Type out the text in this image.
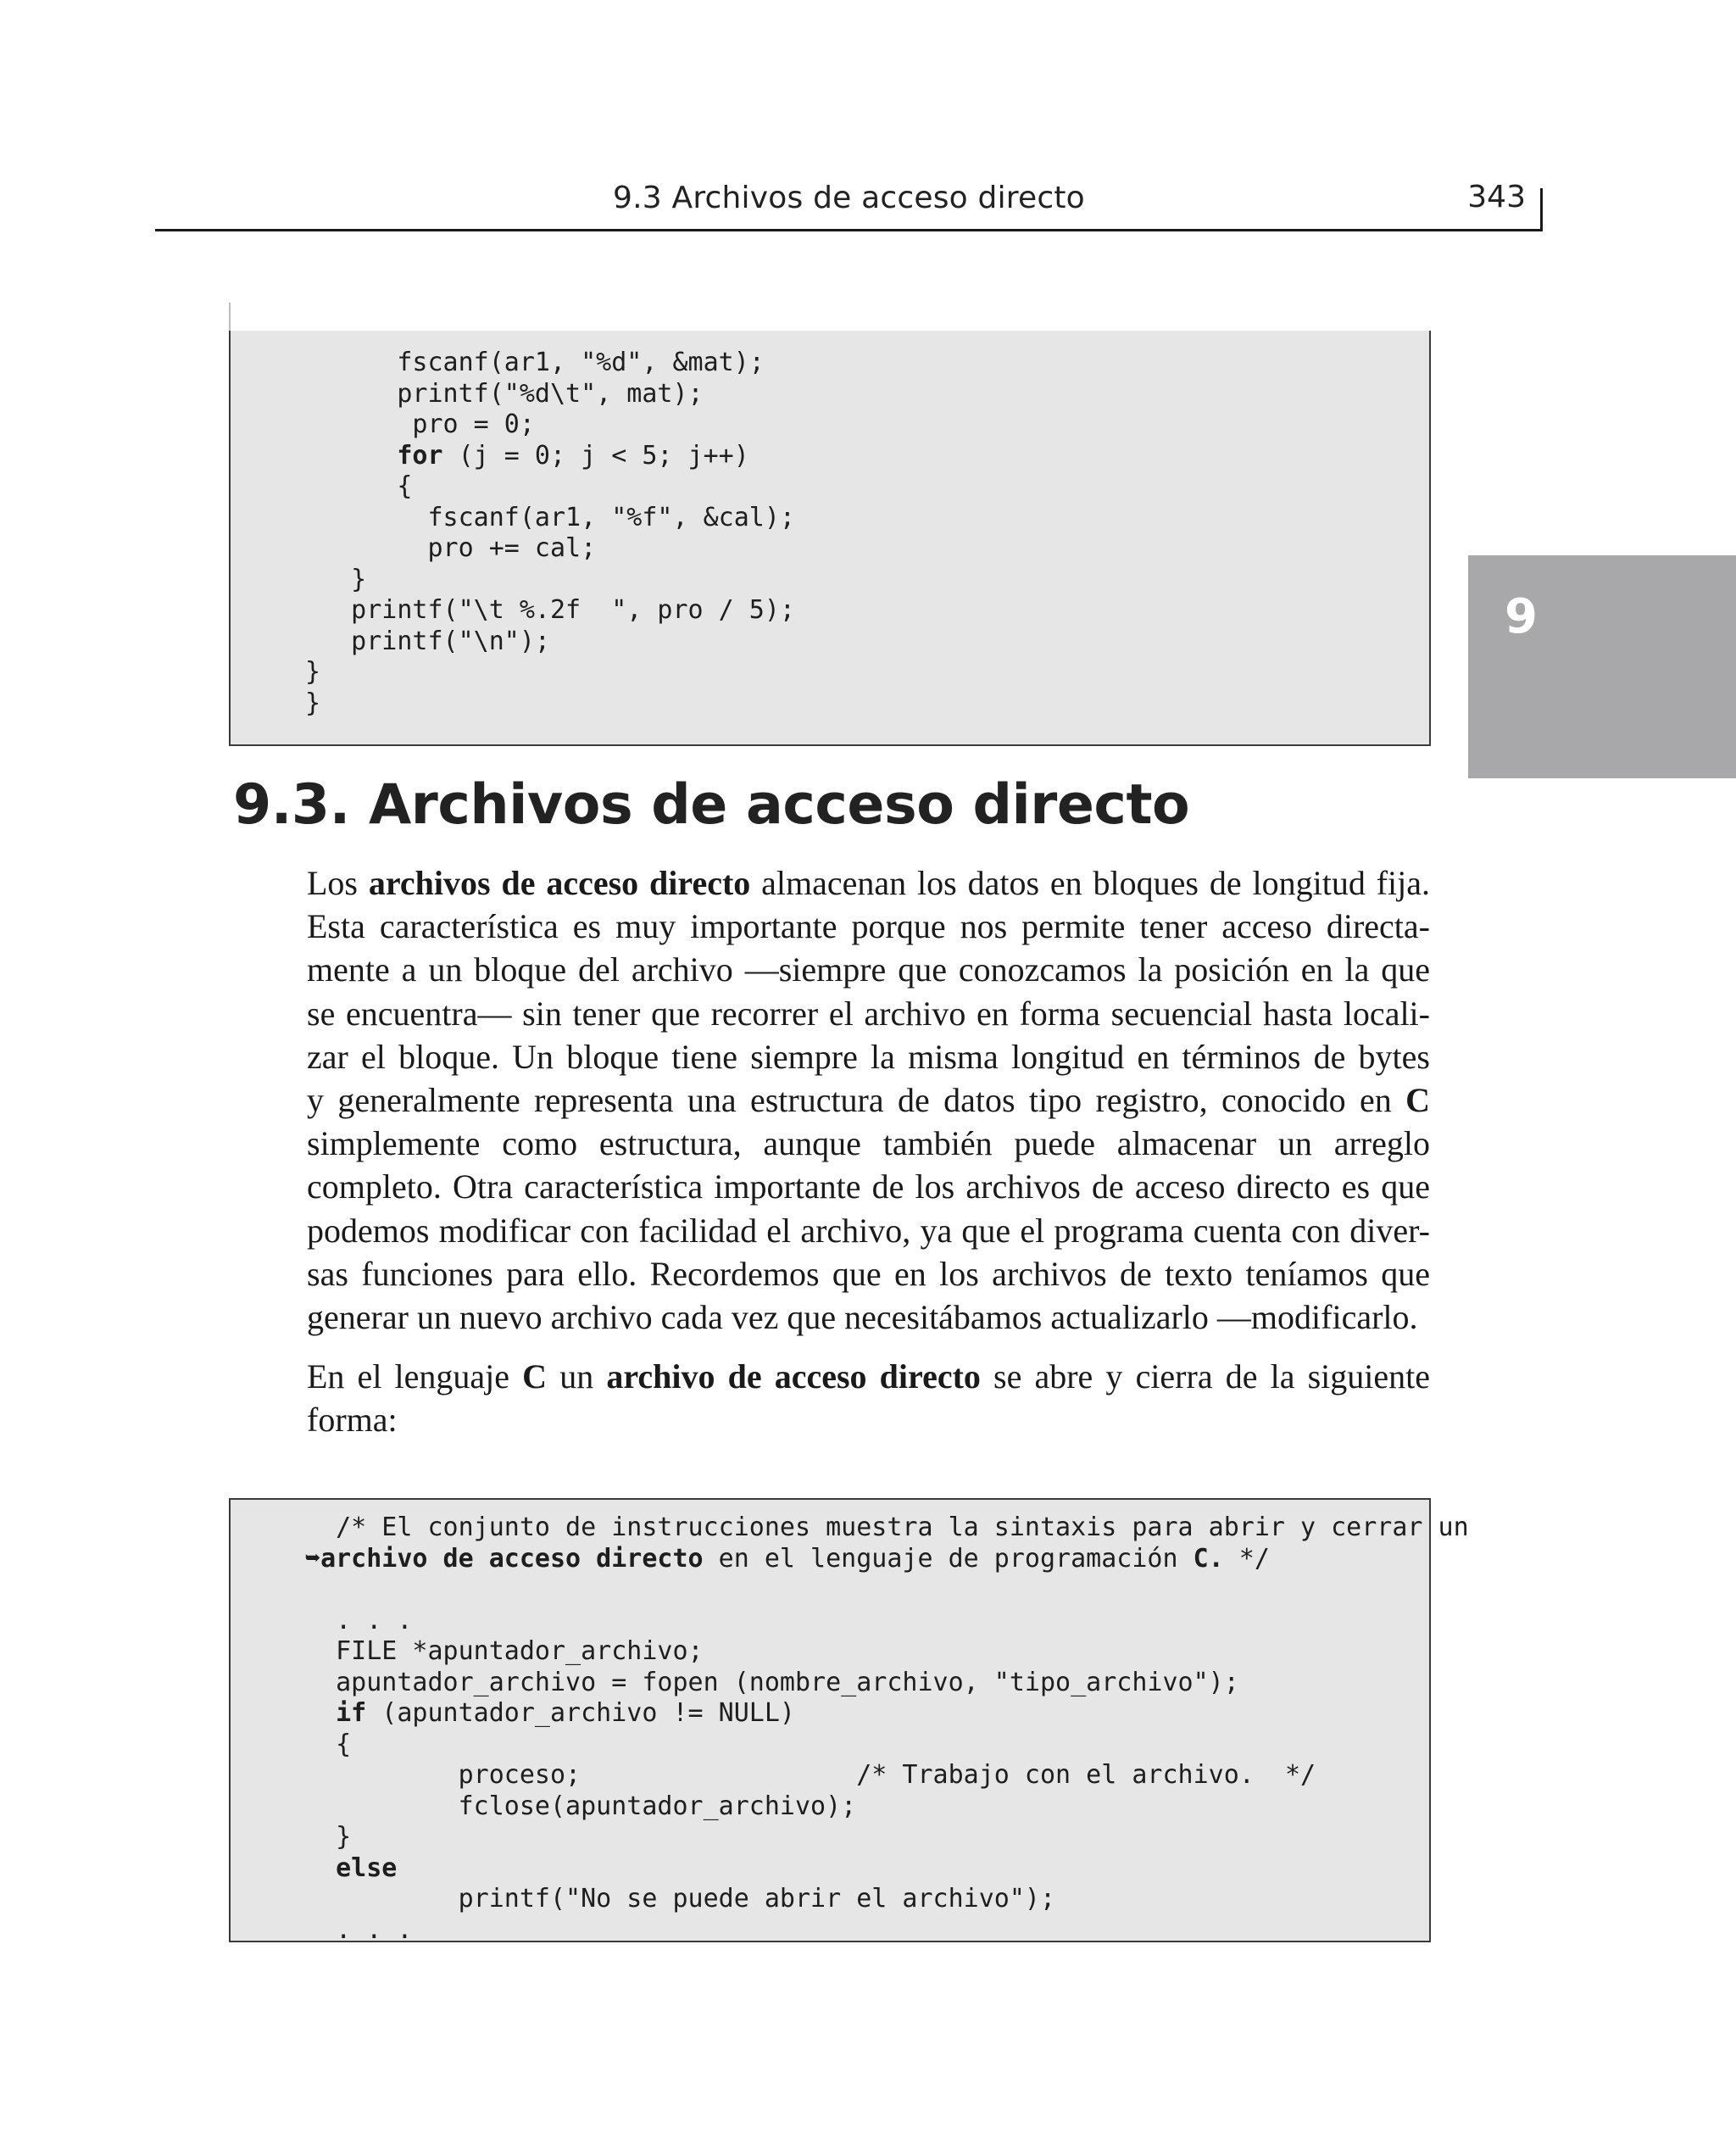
9.3 Archivos de acceso directo	343
9
fscanf(ar1, "%d", &mat);
printf("%d\t", mat);
pro = 0;
for (j = 0; j < 5; j++)
{
fscanf(ar1, "%f", &cal);
pro += cal;
}
printf("\t %.2f  ", pro / 5);
printf("\n");
}
}
9.3. Archivos de acceso directo

Los archivos de acceso directo almacenan los datos en bloques de longitud fija.
Esta característica es muy importante porque nos permite tener acceso directa-
mente a un bloque del archivo —siempre que conozcamos la posición en la que
se encuentra— sin tener que recorrer el archivo en forma secuencial hasta locali-
zar el bloque. Un bloque tiene siempre la misma longitud en términos de bytes
y generalmente representa una estructura de datos tipo registro, conocido en C
simplemente como estructura, aunque también puede almacenar un arreglo
completo. Otra característica importante de los archivos de acceso directo es que
podemos modificar con facilidad el archivo, ya que el programa cuenta con diver-
sas funciones para ello. Recordemos que en los archivos de texto teníamos que
generar un nuevo archivo cada vez que necesitábamos actualizarlo —modificarlo.

En el lenguaje C un archivo de acceso directo se abre y cierra de la siguiente
forma:

/* El conjunto de instrucciones muestra la sintaxis para abrir y cerrar un
➥archivo de acceso directo en el lenguaje de programación C. */

. . .
FILE *apuntador_archivo;
apuntador_archivo = fopen (nombre_archivo, "tipo_archivo");
if (apuntador_archivo != NULL)
{
proceso;                  /* Trabajo con el archivo.  */
fclose(apuntador_archivo);
}
else
printf("No se puede abrir el archivo");
. . .
